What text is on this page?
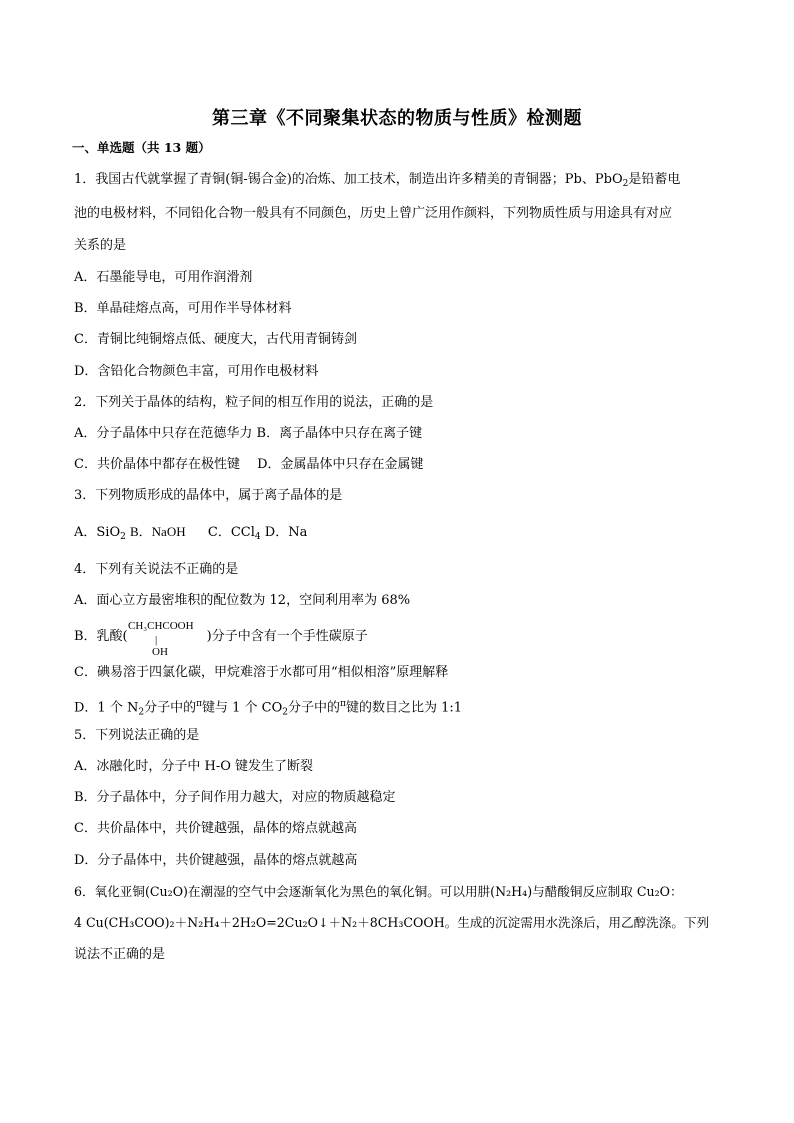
第三章《不同聚集状态的物质与性质》检测题
一、单选题（共 13 题）
1．我国古代就掌握了青铜(铜-锡合金)的冶炼、加工技术，制造出许多精美的青铜器；Pb、PbO$_2$是铅蓄电
池的电极材料，不同铅化合物一般具有不同颜色，历史上曾广泛用作颜料，下列物质性质与用途具有对应
关系的是
A．石墨能导电，可用作润滑剂
B．单晶硅熔点高，可用作半导体材料
C．青铜比纯铜熔点低、硬度大，古代用青铜铸剑
D．含铅化合物颜色丰富，可用作电极材料
2．下列关于晶体的结构，粒子间的相互作用的说法，正确的是
A．分子晶体中只存在范德华力 B．离子晶体中只存在离子键
C．共价晶体中都存在极性键　 D．金属晶体中只存在金属键
3．下列物质形成的晶体中，属于离子晶体的是
A．SiO$_2$ B．NaOH C．CCl$_4$ D．Na
4．下列有关说法不正确的是
A．面心立方最密堆积的配位数为 12，空间利用率为 68%
B．乳酸(	)分子中含有一个手性碳原子
CH₃CHCOOH
|
OH
C．碘易溶于四氯化碳，甲烷难溶于水都可用“相似相溶”原理解释
D．1 个 $N_2$分子中的$^\pi$键与 1 个 $CO_2$分子中的$^\pi$键的数目之比为 1:1
5．下列说法正确的是
A．冰融化时，分子中 H-O 键发生了断裂
B．分子晶体中，分子间作用力越大，对应的物质越稳定
C．共价晶体中，共价键越强，晶体的熔点就越高
D．分子晶体中，共价键越强，晶体的熔点就越高
6．氧化亚铜(Cu₂O)在潮湿的空气中会逐渐氧化为黑色的氧化铜。可以用肼(N₂H₄)与醋酸铜反应制取 Cu₂O：
4 Cu(CH₃COO)₂＋N₂H₄＋2H₂O=2Cu₂O↓＋N₂＋8CH₃COOH。生成的沉淀需用水洗涤后，用乙醇洗涤。下列
说法不正确的是
